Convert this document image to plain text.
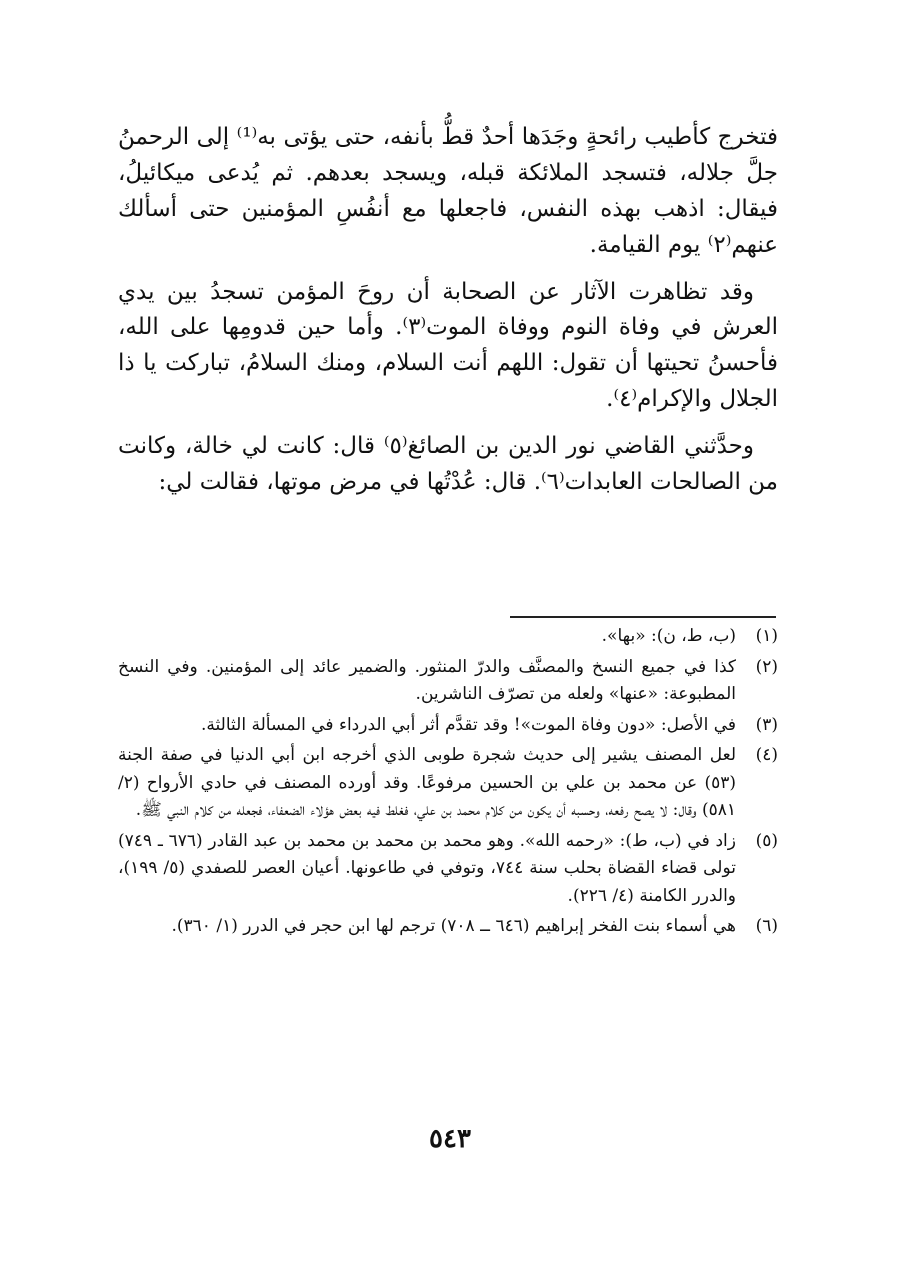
فتخرج كأطيب رائحةٍ وجَدَها أحدٌ قطُّ بأنفه، حتى يؤتى به⁽¹⁾ إلى الرحمنُ جلَّ جلاله، فتسجد الملائكة قبله، ويسجد بعدهم. ثم يُدعى ميكائيلُ، فيقال: اذهب بهذه النفس، فاجعلها مع أنفُسِ المؤمنين حتى أسألك عنهم⁽٢⁾ يوم القيامة.

وقد تظاهرت الآثار عن الصحابة أن روحَ المؤمن تسجدُ بين يدي العرش في وفاة النوم ووفاة الموت⁽٣⁾. وأما حين قدومِها على الله، فأحسنُ تحيتها أن تقول: اللهم أنت السلام، ومنك السلامُ، تباركت يا ذا الجلال والإكرام⁽٤⁾.

وحدَّثني القاضي نور الدين بن الصائغ⁽٥⁾ قال: كانت لي خالة، وكانت من الصالحات العابدات⁽٦⁾. قال: عُدْتُها في مرض موتها، فقالت لي:

(١)
(ب، ط، ن): «بها».
(٢)
كذا في جميع النسخ والمصنَّف والدرّ المنثور. والضمير عائد إلى المؤمنين. وفي النسخ المطبوعة: «عنها» ولعله من تصرّف الناشرين.
(٣)
في الأصل: «دون وفاة الموت»! وقد تقدَّم أثر أبي الدرداء في المسألة الثالثة.
(٤)
لعل المصنف يشير إلى حديث شجرة طوبى الذي أخرجه ابن أبي الدنيا في صفة الجنة (٥٣) عن محمد بن علي بن الحسين مرفوعًا. وقد أورده المصنف في حادي الأرواح (٢/ ٥٨١) وقال: لا يصح رفعه، وحسبه أن يكون من كلام محمد بن علي، فغلط فيه بعض هؤلاء الضعفاء، فجعله من كلام النبي ﷺ.
(٥)
زاد في (ب، ط): «رحمه الله». وهو محمد بن محمد بن محمد بن عبد القادر (٦٧٦ ـ ٧٤٩) تولى قضاء القضاة بحلب سنة ٧٤٤، وتوفي في طاعونها. أعيان العصر للصفدي (٥/ ١٩٩)، والدرر الكامنة (٤/ ٢٢٦).
(٦)
هي أسماء بنت الفخر إبراهيم (٦٤٦ ــ ٧٠٨) ترجم لها ابن حجر في الدرر (١/ ٣٦٠).
٥٤٣
